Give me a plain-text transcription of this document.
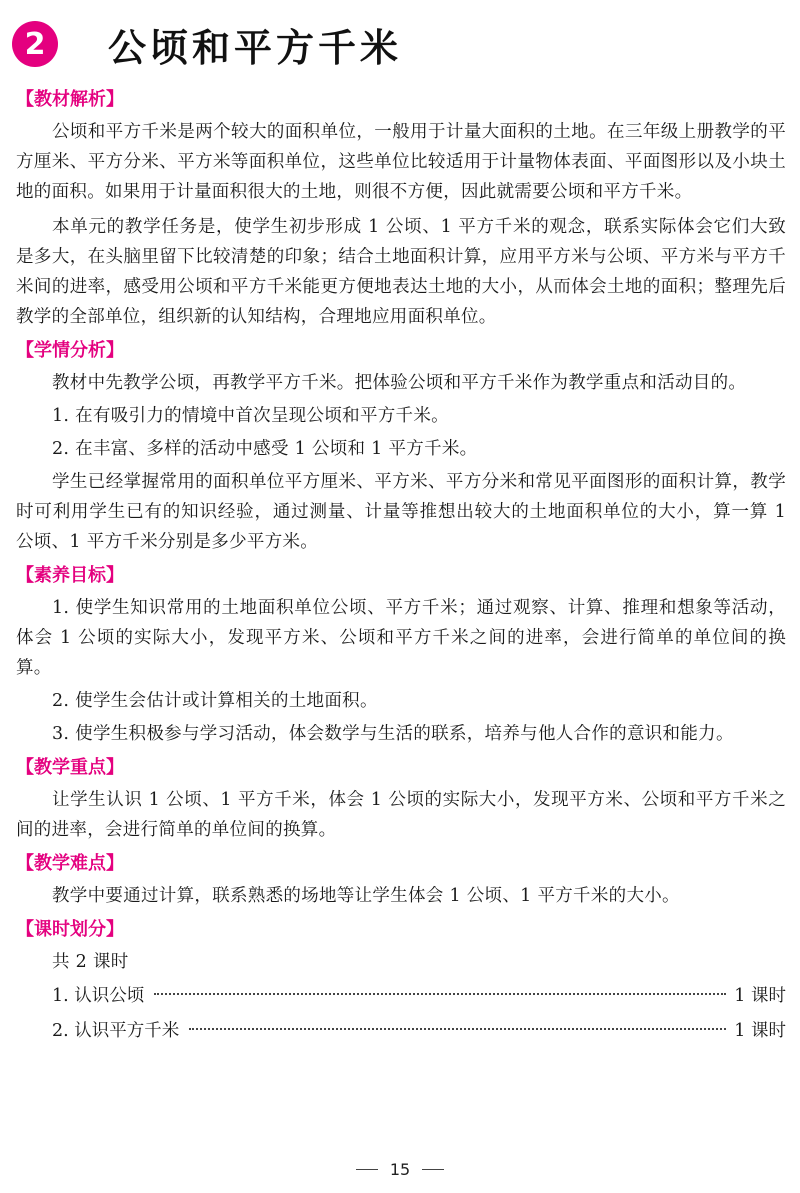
2	公顷和平方千米
【教材解析】

公顷和平方千米是两个较大的面积单位，一般用于计量大面积的土地。在三年级上册教学的平方厘米、平方分米、平方米等面积单位，这些单位比较适用于计量物体表面、平面图形以及小块土地的面积。如果用于计量面积很大的土地，则很不方便，因此就需要公顷和平方千米。

本单元的教学任务是，使学生初步形成 1 公顷、1 平方千米的观念，联系实际体会它们大致是多大，在头脑里留下比较清楚的印象；结合土地面积计算，应用平方米与公顷、平方米与平方千米间的进率，感受用公顷和平方千米能更方便地表达土地的大小，从而体会土地的面积；整理先后教学的全部单位，组织新的认知结构，合理地应用面积单位。

【学情分析】

教材中先教学公顷，再教学平方千米。把体验公顷和平方千米作为教学重点和活动目的。

1. 在有吸引力的情境中首次呈现公顷和平方千米。

2. 在丰富、多样的活动中感受 1 公顷和 1 平方千米。

学生已经掌握常用的面积单位平方厘米、平方米、平方分米和常见平面图形的面积计算，教学时可利用学生已有的知识经验，通过测量、计量等推想出较大的土地面积单位的大小，算一算 1 公顷、1 平方千米分别是多少平方米。

【素养目标】

1. 使学生知识常用的土地面积单位公顷、平方千米；通过观察、计算、推理和想象等活动，体会 1 公顷的实际大小，发现平方米、公顷和平方千米之间的进率，会进行简单的单位间的换算。

2. 使学生会估计或计算相关的土地面积。

3. 使学生积极参与学习活动，体会数学与生活的联系，培养与他人合作的意识和能力。

【教学重点】

让学生认识 1 公顷、1 平方千米，体会 1 公顷的实际大小，发现平方米、公顷和平方千米之间的进率，会进行简单的单位间的换算。

【教学难点】

教学中要通过计算，联系熟悉的场地等让学生体会 1 公顷、1 平方千米的大小。

【课时划分】

共 2 课时

1. 认识公顷	1 课时
2. 认识平方千米	1 课时
15
